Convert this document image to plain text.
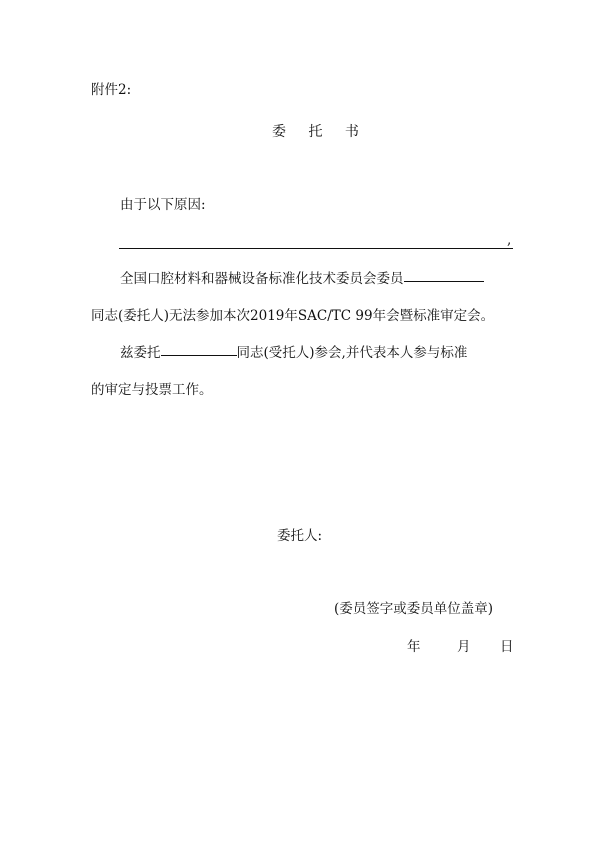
附件2:
委 托 书
由于以下原因:
,
全国口腔材料和器械设备标准化技术委员会委员
同志(委托人)无法参加本次2019年SAC/TC 99年会暨标准审定会。
兹委托	同志(受托人)参会,并代表本人参与标准
的审定与投票工作。
委托人:
(委员签字或委员单位盖章)
年	月 日
